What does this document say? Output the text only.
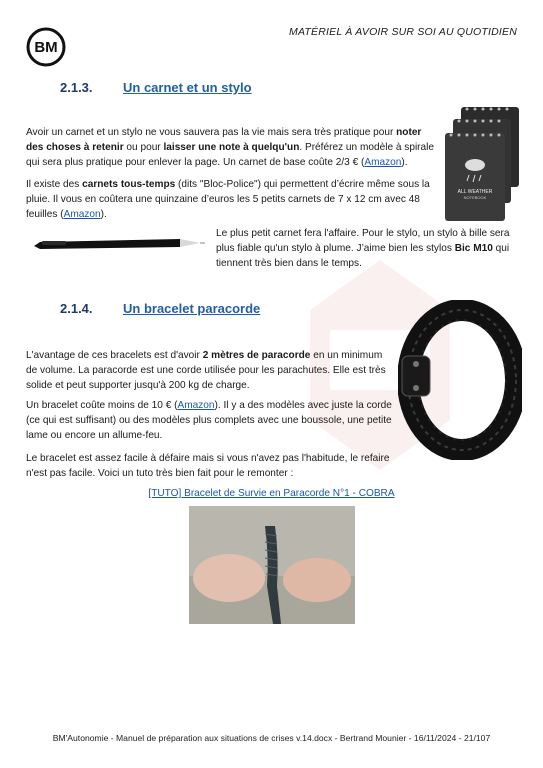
BM
MATÉRIEL À AVOIR SUR SOI AU QUOTIDIEN
2.1.3. Un carnet et un stylo
ALL WEATHER
NOTEBOOK
Avoir un carnet et un stylo ne vous sauvera pas la vie mais sera très pratique pour noter des choses à retenir ou pour laisser une note à quelqu'un. Préférez un modèle à spirale qui sera plus pratique pour enlever la page. Un carnet de base coûte 2/3 € (Amazon).
Il existe des carnets tous-temps (dits "Bloc-Police") qui permettent d’écrire même sous la pluie. Il vous en coûtera une quinzaine d’euros les 5 petits carnets de 7 x 12 cm avec 48 feuilles (Amazon).
Le plus petit carnet fera l'affaire. Pour le stylo, un stylo à bille sera plus fiable qu'un stylo à plume. J’aime bien les stylos Bic M10 qui tiennent très bien dans le temps.
2.1.4. Un bracelet paracorde
L'avantage de ces bracelets est d'avoir 2 mètres de paracorde en un minimum de volume. La paracorde est une corde utilisée pour les parachutes. Elle est très solide et peut supporter jusqu'à 200 kg de charge.
Un bracelet coûte moins de 10 € (Amazon). Il y a des modèles avec juste la corde (ce qui est suffisant) ou des modèles plus complets avec une boussole, une petite lame ou encore un allume-feu.
Le bracelet est assez facile à défaire mais si vous n'avez pas l'habitude, le refaire n'est pas facile. Voici un tuto très bien fait pour le remonter :
[TUTO] Bracelet de Survie en Paracorde N°1 - COBRA
BM'Autonomie - Manuel de préparation aux situations de crises v.14.docx - Bertrand Mounier - 16/11/2024 - 21/107
